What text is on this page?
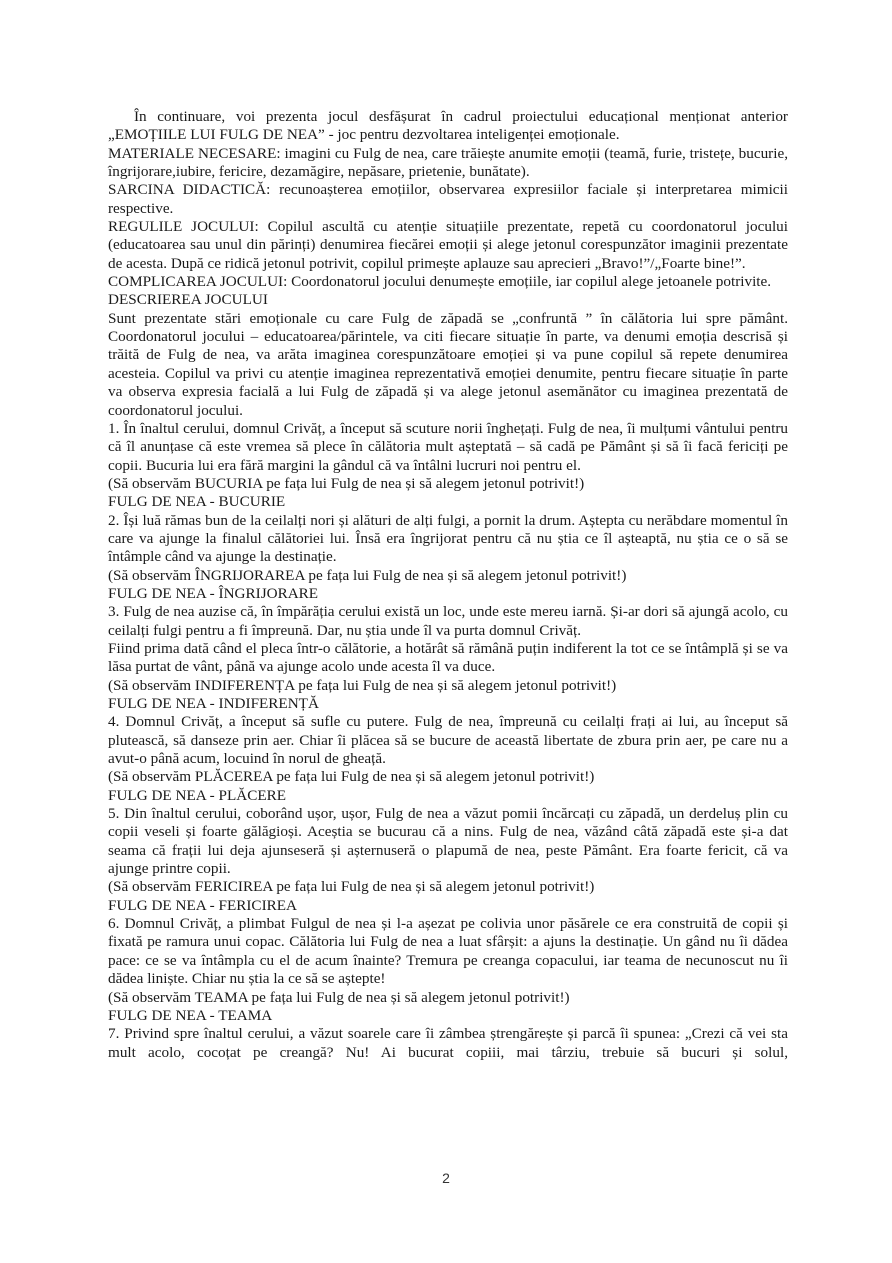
În continuare, voi prezenta jocul desfășurat în cadrul proiectului educațional menționat anterior „EMOȚIILE LUI FULG DE NEA” - joc pentru dezvoltarea inteligenței emoționale.

MATERIALE NECESARE: imagini cu Fulg de nea, care trăiește anumite emoții (teamă, furie, tristețe, bucurie, îngrijorare,iubire, fericire, dezamăgire, nepăsare, prietenie, bunătate).

SARCINA DIDACTICĂ: recunoașterea emoțiilor, observarea expresiilor faciale și interpretarea mimicii respective.

REGULILE JOCULUI: Copilul ascultă cu atenție situațiile prezentate, repetă cu coordonatorul jocului (educatoarea sau unul din părinți) denumirea fiecărei emoții și alege jetonul corespunzător imaginii prezentate de acesta. După ce ridică jetonul potrivit, copilul primește aplauze sau aprecieri „Bravo!”/„Foarte bine!”.

COMPLICAREA JOCULUI: Coordonatorul jocului denumește emoțiile, iar copilul alege jetoanele potrivite.

DESCRIEREA JOCULUI

Sunt prezentate stări emoționale cu care Fulg de zăpadă se „confruntă ” în călătoria lui spre pământ. Coordonatorul jocului – educatoarea/părintele, va citi fiecare situație în parte, va denumi emoția descrisă și trăită de Fulg de nea, va arăta imaginea corespunzătoare emoției și va pune copilul să repete denumirea acesteia. Copilul va privi cu atenție imaginea reprezentativă emoției denumite, pentru fiecare situație în parte va observa expresia facială a lui Fulg de zăpadă și va alege jetonul asemănător cu imaginea prezentată de coordonatorul jocului.

1. În înaltul cerului, domnul Crivăț, a început să scuture norii înghețați. Fulg de nea, îi mulțumi vântului pentru că îl anunțase că este vremea să plece în călătoria mult așteptată – să cadă pe Pământ și să îi facă fericiți pe copii. Bucuria lui era fără margini la gândul că va întâlni lucruri noi pentru el.

(Să observăm BUCURIA pe fața lui Fulg de nea și să alegem jetonul potrivit!)

FULG DE NEA - BUCURIE

2. Își luă rămas bun de la ceilalți nori și alături de alți fulgi, a pornit la drum. Aștepta cu nerăbdare momentul în care va ajunge la finalul călătoriei lui. Însă era îngrijorat pentru că nu știa ce îl așteaptă, nu știa ce o să se întâmple când va ajunge la destinație.

(Să observăm ÎNGRIJORAREA pe fața lui Fulg de nea și să alegem jetonul potrivit!)

FULG DE NEA - ÎNGRIJORARE

3. Fulg de nea auzise că, în împărăția cerului există un loc, unde este mereu iarnă. Și-ar dori să ajungă acolo, cu ceilalți fulgi pentru a fi împreună. Dar, nu știa unde îl va purta domnul Crivăț.

Fiind prima dată când el pleca într-o călătorie, a hotărât să rămână puțin indiferent la tot ce se întâmplă și se va lăsa purtat de vânt, până va ajunge acolo unde acesta îl va duce.

(Să observăm INDIFERENȚA pe fața lui Fulg de nea și să alegem jetonul potrivit!)

FULG DE NEA - INDIFERENȚĂ

4. Domnul Crivăț, a început să sufle cu putere. Fulg de nea, împreună cu ceilalți frați ai lui, au început să plutească, să danseze prin aer. Chiar îi plăcea să se bucure de această libertate de zbura prin aer, pe care nu a avut-o până acum, locuind în norul de gheață.

(Să observăm PLĂCEREA pe fața lui Fulg de nea și să alegem jetonul potrivit!)

FULG DE NEA - PLĂCERE

5. Din înaltul cerului, coborând ușor, ușor, Fulg de nea a văzut pomii încărcați cu zăpadă, un derdeluș plin cu copii veseli și foarte gălăgioși. Aceștia se bucurau că a nins. Fulg de nea, văzând câtă zăpadă este și-a dat seama că frații lui deja ajunseseră și așternuseră o plapumă de nea, peste Pământ. Era foarte fericit, că va ajunge printre copii.

(Să observăm FERICIREA pe fața lui Fulg de nea și să alegem jetonul potrivit!)

FULG DE NEA - FERICIREA

6. Domnul Crivăț, a plimbat Fulgul de nea și l-a așezat pe colivia unor păsărele ce era construită de copii și fixată pe ramura unui copac. Călătoria lui Fulg de nea a luat sfârșit: a ajuns la destinație. Un gând nu îi dădea pace: ce se va întâmpla cu el de acum înainte? Tremura pe creanga copacului, iar teama de necunoscut nu îi dădea liniște. Chiar nu știa la ce să se aștepte!

(Să observăm TEAMA pe fața lui Fulg de nea și să alegem jetonul potrivit!)

FULG DE NEA - TEAMA

7. Privind spre înaltul cerului, a văzut soarele care îi zâmbea ștrengărește și parcă îi spunea: „Crezi că vei sta mult acolo, cocoțat pe creangă? Nu! Ai bucurat copiii, mai târziu, trebuie să bucuri și solul,

2
